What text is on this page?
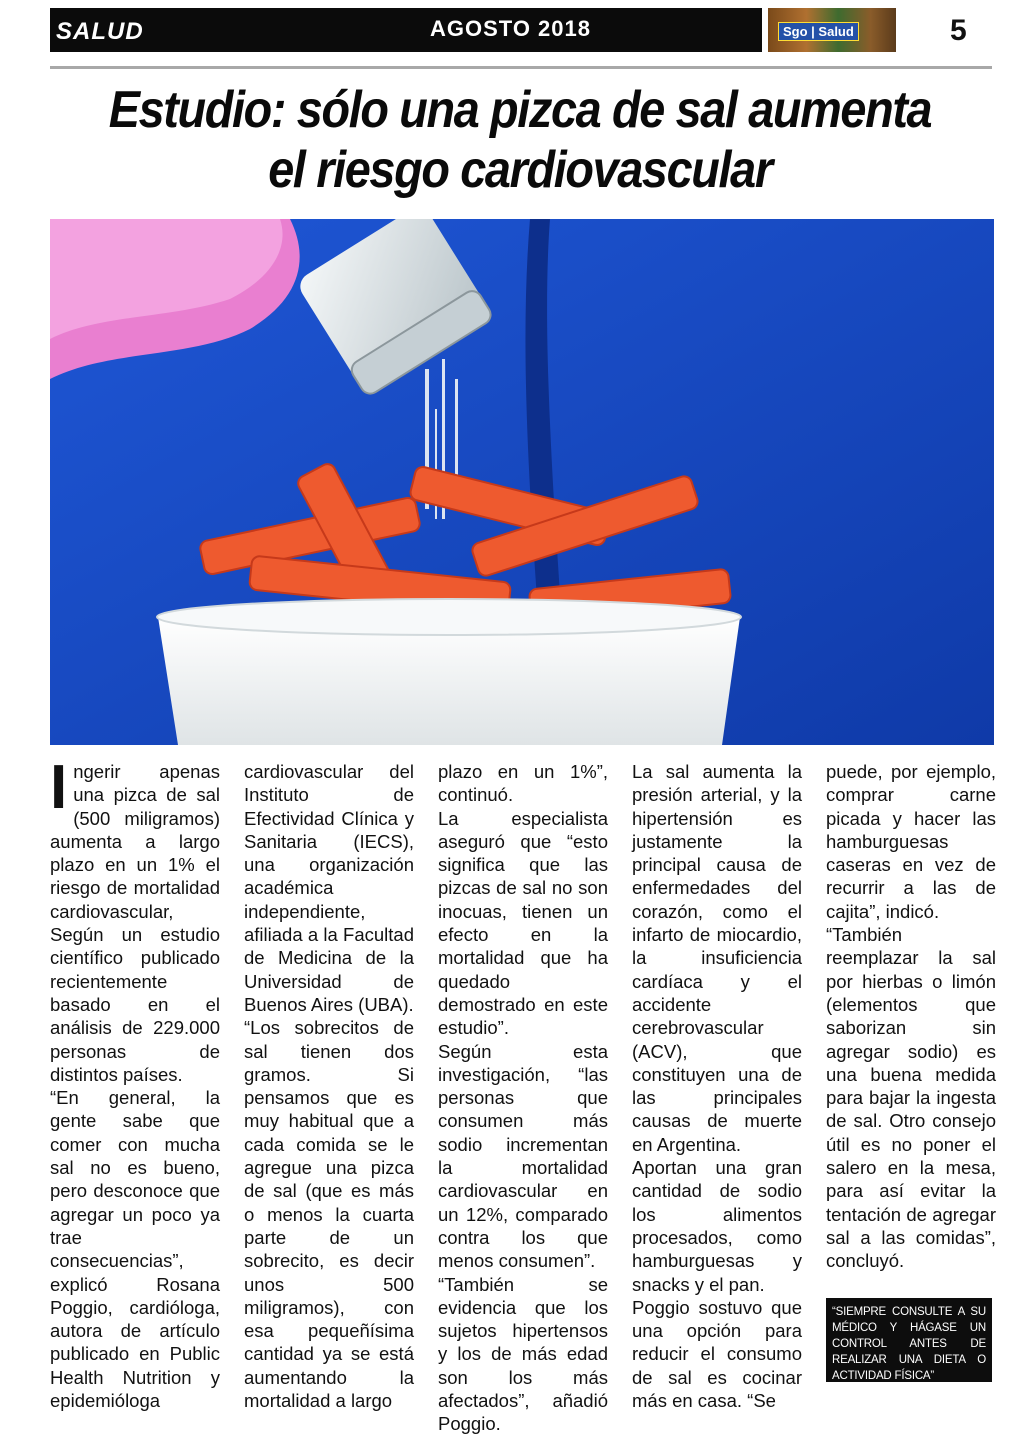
SALUD	AGOSTO 2018	Sgo | Salud	5
Estudio: sólo una pizca de sal aumenta el riesgo cardiovascular
I ngerir apenas una pizca de sal (500 miligramos) aumenta a largo plazo en un 1% el riesgo de mortalidad cardiovascular, Según un estudio científico publicado recientemente basado en el análisis de 229.000 personas de distintos países.

“En general, la gente sabe que comer con mucha sal no es bueno, pero desconoce que agregar un poco ya trae consecuencias”, explicó Rosana Poggio, cardióloga, autora de artículo publicado en Public Health Nutrition y epidemióloga

cardiovascular del Instituto de Efectividad Clínica y Sanitaria (IECS), una organización académica independiente, afiliada a la Facultad de Medicina de la Universidad de Buenos Aires (UBA).

“Los sobrecitos de sal tienen dos gramos. Si pensamos que es muy habitual que a cada comida se le agregue una pizca de sal (que es más o menos la cuarta parte de un sobrecito, es decir unos 500 miligramos), con esa pequeñísima cantidad ya se está aumentando la mortalidad a largo

plazo en un 1%”, continuó.

La especialista aseguró que “esto significa que las pizcas de sal no son inocuas, tienen un efecto en la mortalidad que ha quedado demostrado en este estudio”.

Según esta investigación, “las personas que consumen más sodio incrementan la mortalidad cardiovascular en un 12%, comparado contra los que menos consumen”.

“También se evidencia que los sujetos hipertensos y los de más edad son los más afectados”, añadió Poggio.

La sal aumenta la presión arterial, y la hipertensión es justamente la principal causa de enfermedades del corazón, como el infarto de miocardio, la insuficiencia cardíaca y el accidente cerebrovascular (ACV), que constituyen una de las principales causas de muerte en Argentina.

Aportan una gran cantidad de sodio los alimentos procesados, como hamburguesas y snacks y el pan.

Poggio sostuvo que una opción para reducir el consumo de sal es cocinar más en casa. “Se

puede, por ejemplo, comprar carne picada y hacer las hamburguesas caseras en vez de recurrir a las de cajita”, indicó.

“También reemplazar la sal por hierbas o limón (elementos que saborizan sin agregar sodio) es una buena medida para bajar la ingesta de sal. Otro consejo útil es no poner el salero en la mesa, para así evitar la tentación de agregar sal a las comidas”, concluyó.

“SIEMPRE CONSULTE A SU MÉDICO Y HÁGASE UN CONTROL ANTES DE REALIZAR UNA DIETA O ACTIVIDAD FÍSICA”
